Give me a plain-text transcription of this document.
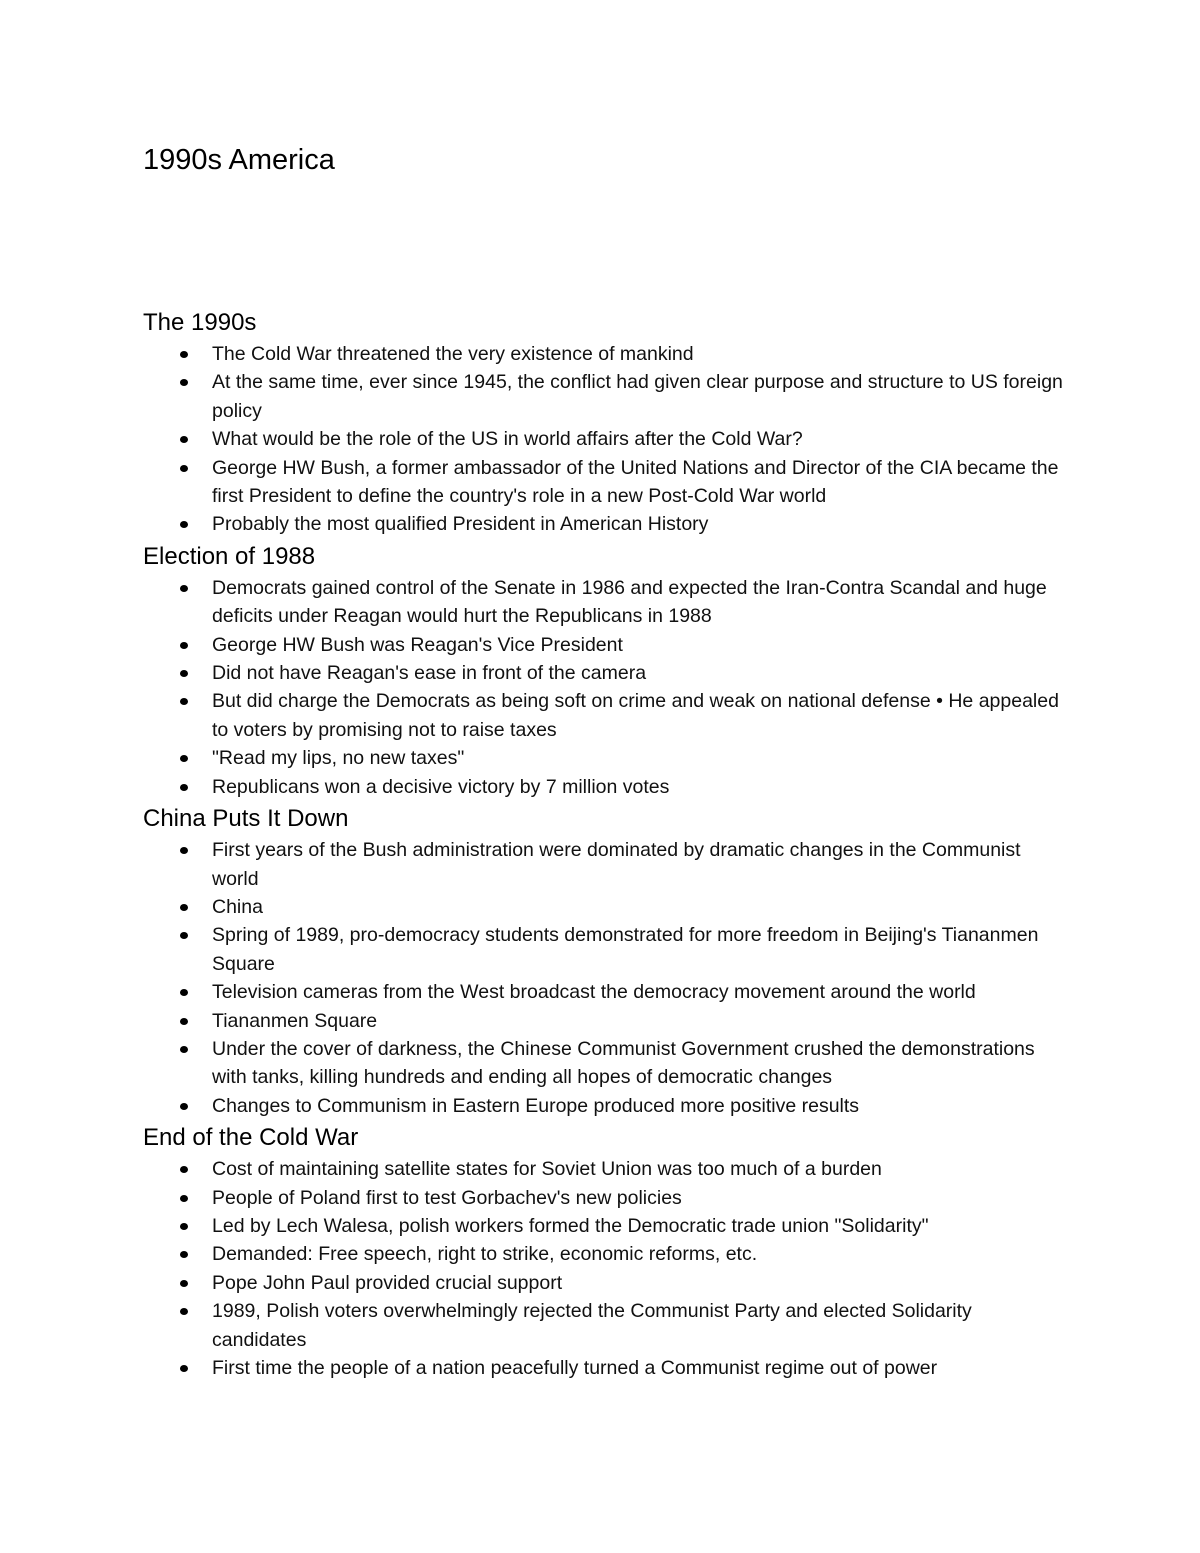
1990s America
The 1990s
The Cold War threatened the very existence of mankind
At the same time, ever since 1945, the conflict had given clear purpose and structure to US foreign policy
What would be the role of the US in world affairs after the Cold War?
George HW Bush, a former ambassador of the United Nations and Director of the CIA became the first President to define the country's role in a new Post-Cold War world
Probably the most qualified President in American History
Election of 1988
Democrats gained control of the Senate in 1986 and expected the Iran-Contra Scandal and huge deficits under Reagan would hurt the Republicans in 1988
George HW Bush was Reagan's Vice President
Did not have Reagan's ease in front of the camera
But did charge the Democrats as being soft on crime and weak on national defense • He appealed to voters by promising not to raise taxes
"Read my lips, no new taxes"
Republicans won a decisive victory by 7 million votes
China Puts It Down
First years of the Bush administration were dominated by dramatic changes in the Communist world
China
Spring of 1989, pro-democracy students demonstrated for more freedom in Beijing's Tiananmen Square
Television cameras from the West broadcast the democracy movement around the world
Tiananmen Square
Under the cover of darkness, the Chinese Communist Government crushed the demonstrations with tanks, killing hundreds and ending all hopes of democratic changes
Changes to Communism in Eastern Europe produced more positive results
End of the Cold War
Cost of maintaining satellite states for Soviet Union was too much of a burden
People of Poland first to test Gorbachev's new policies
Led by Lech Walesa, polish workers formed the Democratic trade union "Solidarity"
Demanded: Free speech, right to strike, economic reforms, etc.
Pope John Paul provided crucial support
1989, Polish voters overwhelmingly rejected the Communist Party and elected Solidarity candidates
First time the people of a nation peacefully turned a Communist regime out of power
